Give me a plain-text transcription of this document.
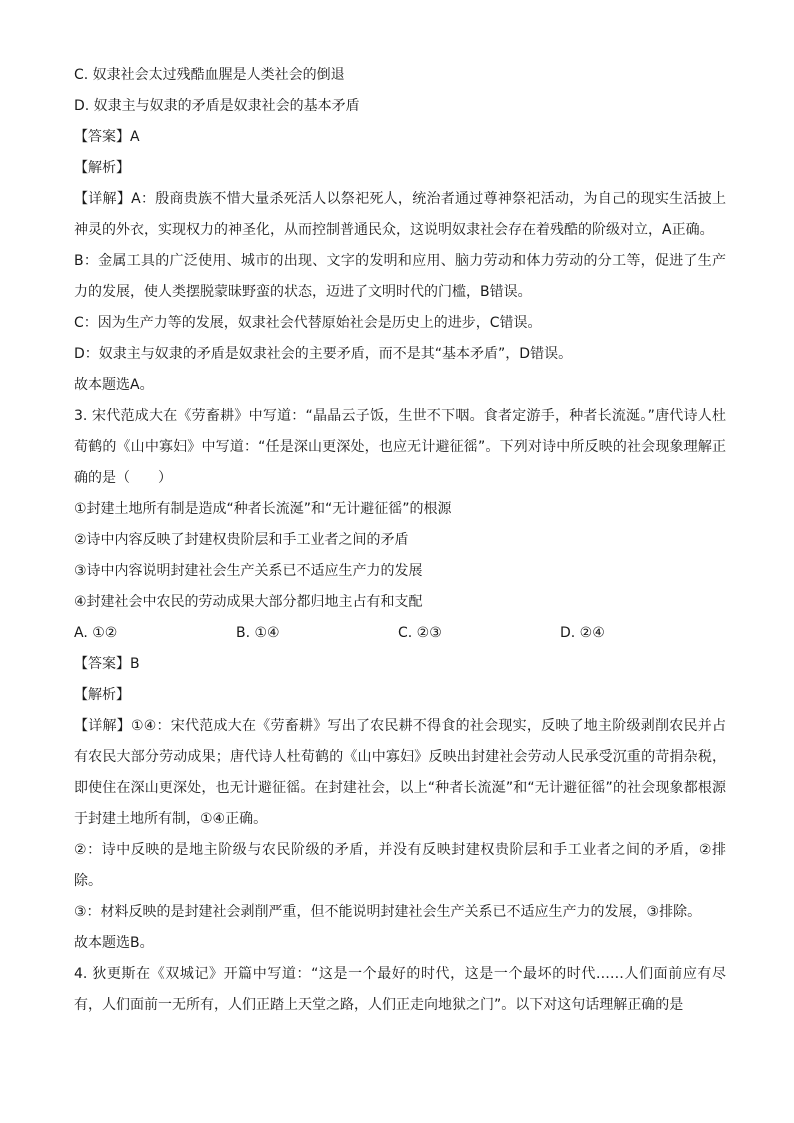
C. 奴隶社会太过残酷血腥是人类社会的倒退
D. 奴隶主与奴隶的矛盾是奴隶社会的基本矛盾
【答案】A
【解析】
【详解】A：殷商贵族不惜大量杀死活人以祭祀死人，统治者通过尊神祭祀活动，为自己的现实生活披上神灵的外衣，实现权力的神圣化，从而控制普通民众，这说明奴隶社会存在着残酷的阶级对立，A正确。
B：金属工具的广泛使用、城市的出现、文字的发明和应用、脑力劳动和体力劳动的分工等，促进了生产力的发展，使人类摆脱蒙昧野蛮的状态，迈进了文明时代的门槛，B错误。
C：因为生产力等的发展，奴隶社会代替原始社会是历史上的进步，C错误。
D：奴隶主与奴隶的矛盾是奴隶社会的主要矛盾，而不是其“基本矛盾”，D错误。
故本题选A。
3. 宋代范成大在《劳畜耕》中写道：“晶晶云子饭，生世不下咽。食者定游手，种者长流涎。”唐代诗人杜荀鹤的《山中寡妇》中写道：“任是深山更深处，也应无计避征徭”。下列对诗中所反映的社会现象理解正确的是（　　）
①封建土地所有制是造成“种者长流涎”和“无计避征徭”的根源
②诗中内容反映了封建权贵阶层和手工业者之间的矛盾
③诗中内容说明封建社会生产关系已不适应生产力的发展
④封建社会中农民的劳动成果大部分都归地主占有和支配
A. ①②	B. ①④	C. ②③	D. ②④
【答案】B
【解析】
【详解】①④：宋代范成大在《劳畜耕》写出了农民耕不得食的社会现实，反映了地主阶级剥削农民并占有农民大部分劳动成果；唐代诗人杜荀鹤的《山中寡妇》反映出封建社会劳动人民承受沉重的苛捐杂税，即使住在深山更深处，也无计避征徭。在封建社会，以上“种者长流涎”和“无计避征徭”的社会现象都根源于封建土地所有制，①④正确。
②：诗中反映的是地主阶级与农民阶级的矛盾，并没有反映封建权贵阶层和手工业者之间的矛盾，②排除。
③：材料反映的是封建社会剥削严重，但不能说明封建社会生产关系已不适应生产力的发展，③排除。
故本题选B。
4. 狄更斯在《双城记》开篇中写道：“这是一个最好的时代，这是一个最坏的时代……人们面前应有尽有，人们面前一无所有，人们正踏上天堂之路，人们正走向地狱之门”。以下对这句话理解正确的是
